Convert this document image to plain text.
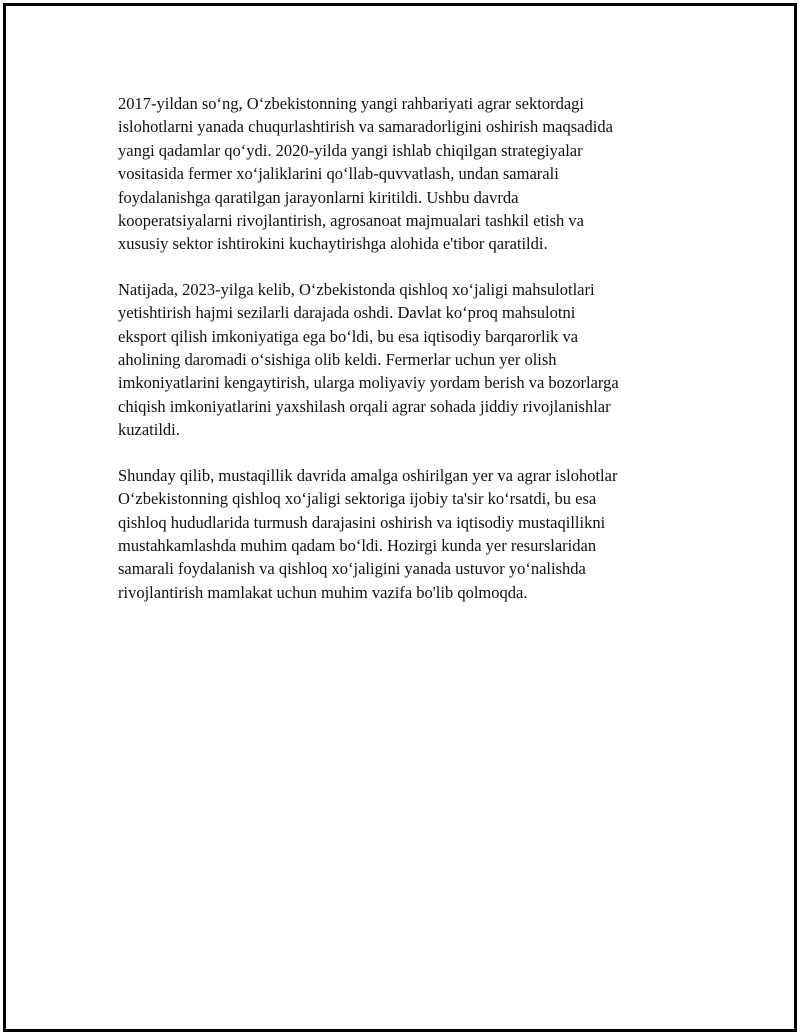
2017-yildan so‘ng, O‘zbekistonning yangi rahbariyati agrar sektordagi
islohotlarni yanada chuqurlashtirish va samaradorligini oshirish maqsadida
yangi qadamlar qo‘ydi. 2020-yilda yangi ishlab chiqilgan strategiyalar
vositasida fermer xo‘jaliklarini qo‘llab-quvvatlash, undan samarali
foydalanishga qaratilgan jarayonlarni kiritildi. Ushbu davrda
kooperatsiyalarni rivojlantirish, agrosanoat majmualari tashkil etish va
xususiy sektor ishtirokini kuchaytirishga alohida e'tibor qaratildi.

Natijada, 2023-yilga kelib, O‘zbekistonda qishloq xo‘jaligi mahsulotlari
yetishtirish hajmi sezilarli darajada oshdi. Davlat ko‘proq mahsulotni
eksport qilish imkoniyatiga ega bo‘ldi, bu esa iqtisodiy barqarorlik va
aholining daromadi o‘sishiga olib keldi. Fermerlar uchun yer olish
imkoniyatlarini kengaytirish, ularga moliyaviy yordam berish va bozorlarga
chiqish imkoniyatlarini yaxshilash orqali agrar sohada jiddiy rivojlanishlar
kuzatildi.

Shunday qilib, mustaqillik davrida amalga oshirilgan yer va agrar islohotlar
O‘zbekistonning qishloq xo‘jaligi sektoriga ijobiy ta'sir ko‘rsatdi, bu esa
qishloq hududlarida turmush darajasini oshirish va iqtisodiy mustaqillikni
mustahkamlashda muhim qadam bo‘ldi. Hozirgi kunda yer resurslaridan
samarali foydalanish va qishloq xo‘jaligini yanada ustuvor yo‘nalishda
rivojlantirish mamlakat uchun muhim vazifa bo'lib qolmoqda.
